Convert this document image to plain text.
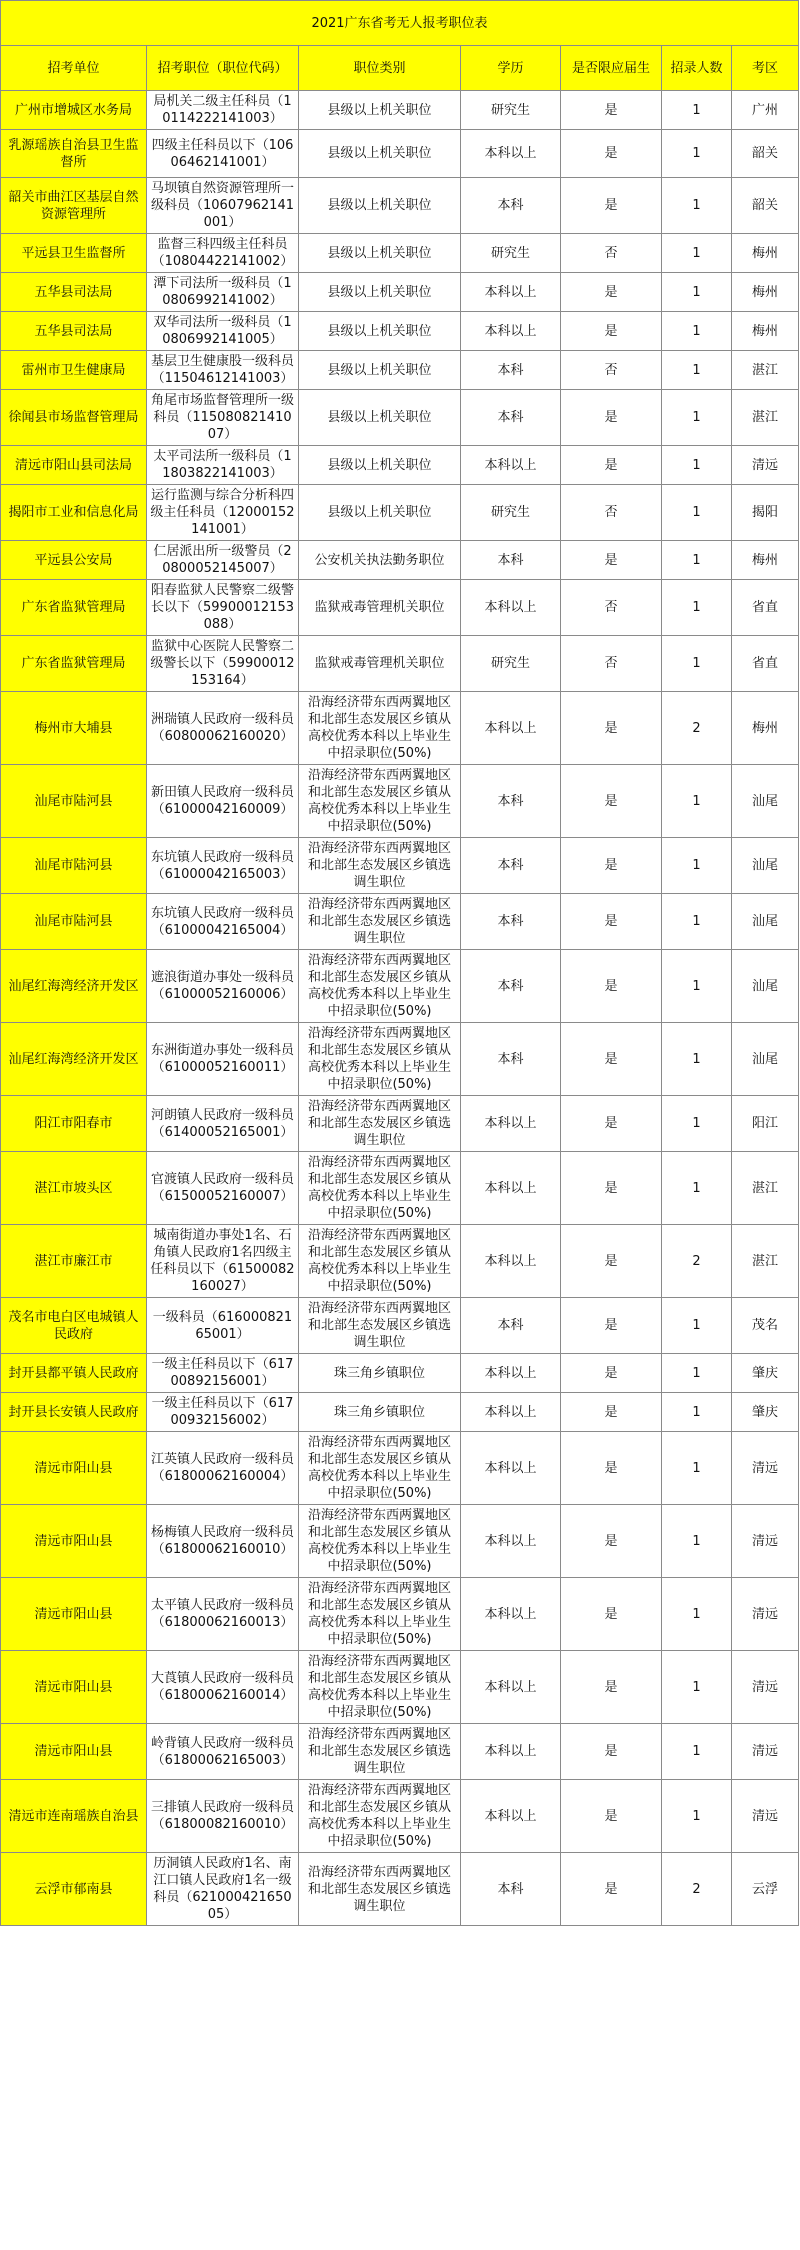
2021广东省考无人报考职位表						
招考单位	招考职位（职位代码）	职位类别	学历	是否限应届生	招录人数	考区
广州市增城区水务局	局机关二级主任科员（10114222141003）	县级以上机关职位	研究生	是	1	广州
乳源瑶族自治县卫生监督所	四级主任科员以下（10606462141001）	县级以上机关职位	本科以上	是	1	韶关
韶关市曲江区基层自然资源管理所	马坝镇自然资源管理所一级科员（10607962141001）	县级以上机关职位	本科	是	1	韶关
平远县卫生监督所	监督三科四级主任科员（10804422141002）	县级以上机关职位	研究生	否	1	梅州
五华县司法局	潭下司法所一级科员（10806992141002）	县级以上机关职位	本科以上	是	1	梅州
五华县司法局	双华司法所一级科员（10806992141005）	县级以上机关职位	本科以上	是	1	梅州
雷州市卫生健康局	基层卫生健康股一级科员（11504612141003）	县级以上机关职位	本科	否	1	湛江
徐闻县市场监督管理局	角尾市场监督管理所一级科员（11508082141007）	县级以上机关职位	本科	是	1	湛江
清远市阳山县司法局	太平司法所一级科员（11803822141003）	县级以上机关职位	本科以上	是	1	清远
揭阳市工业和信息化局	运行监测与综合分析科四级主任科员（12000152141001）	县级以上机关职位	研究生	否	1	揭阳
平远县公安局	仁居派出所一级警员（20800052145007）	公安机关执法勤务职位	本科	是	1	梅州
广东省监狱管理局	阳春监狱人民警察二级警长以下（59900012153088）	监狱戒毒管理机关职位	本科以上	否	1	省直
广东省监狱管理局	监狱中心医院人民警察二级警长以下（59900012153164）	监狱戒毒管理机关职位	研究生	否	1	省直
梅州市大埔县	洲瑞镇人民政府一级科员（60800062160020）	沿海经济带东西两翼地区和北部生态发展区乡镇从高校优秀本科以上毕业生中招录职位(50%)	本科以上	是	2	梅州
汕尾市陆河县	新田镇人民政府一级科员（61000042160009）	沿海经济带东西两翼地区和北部生态发展区乡镇从高校优秀本科以上毕业生中招录职位(50%)	本科	是	1	汕尾
汕尾市陆河县	东坑镇人民政府一级科员（61000042165003）	沿海经济带东西两翼地区和北部生态发展区乡镇选调生职位	本科	是	1	汕尾
汕尾市陆河县	东坑镇人民政府一级科员（61000042165004）	沿海经济带东西两翼地区和北部生态发展区乡镇选调生职位	本科	是	1	汕尾
汕尾红海湾经济开发区	遮浪街道办事处一级科员（61000052160006）	沿海经济带东西两翼地区和北部生态发展区乡镇从高校优秀本科以上毕业生中招录职位(50%)	本科	是	1	汕尾
汕尾红海湾经济开发区	东洲街道办事处一级科员（61000052160011）	沿海经济带东西两翼地区和北部生态发展区乡镇从高校优秀本科以上毕业生中招录职位(50%)	本科	是	1	汕尾
阳江市阳春市	河朗镇人民政府一级科员（61400052165001）	沿海经济带东西两翼地区和北部生态发展区乡镇选调生职位	本科以上	是	1	阳江
湛江市坡头区	官渡镇人民政府一级科员（61500052160007）	沿海经济带东西两翼地区和北部生态发展区乡镇从高校优秀本科以上毕业生中招录职位(50%)	本科以上	是	1	湛江
湛江市廉江市	城南街道办事处1名、石角镇人民政府1名四级主任科员以下（61500082160027）	沿海经济带东西两翼地区和北部生态发展区乡镇从高校优秀本科以上毕业生中招录职位(50%)	本科以上	是	2	湛江
茂名市电白区电城镇人民政府	一级科员（61600082165001）	沿海经济带东西两翼地区和北部生态发展区乡镇选调生职位	本科	是	1	茂名
封开县都平镇人民政府	一级主任科员以下（61700892156001）	珠三角乡镇职位	本科以上	是	1	肇庆
封开县长安镇人民政府	一级主任科员以下（61700932156002）	珠三角乡镇职位	本科以上	是	1	肇庆
清远市阳山县	江英镇人民政府一级科员（61800062160004）	沿海经济带东西两翼地区和北部生态发展区乡镇从高校优秀本科以上毕业生中招录职位(50%)	本科以上	是	1	清远
清远市阳山县	杨梅镇人民政府一级科员（61800062160010）	沿海经济带东西两翼地区和北部生态发展区乡镇从高校优秀本科以上毕业生中招录职位(50%)	本科以上	是	1	清远
清远市阳山县	太平镇人民政府一级科员（61800062160013）	沿海经济带东西两翼地区和北部生态发展区乡镇从高校优秀本科以上毕业生中招录职位(50%)	本科以上	是	1	清远
清远市阳山县	大莨镇人民政府一级科员（61800062160014）	沿海经济带东西两翼地区和北部生态发展区乡镇从高校优秀本科以上毕业生中招录职位(50%)	本科以上	是	1	清远
清远市阳山县	岭背镇人民政府一级科员（61800062165003）	沿海经济带东西两翼地区和北部生态发展区乡镇选调生职位	本科以上	是	1	清远
清远市连南瑶族自治县	三排镇人民政府一级科员（61800082160010）	沿海经济带东西两翼地区和北部生态发展区乡镇从高校优秀本科以上毕业生中招录职位(50%)	本科以上	是	1	清远
云浮市郁南县	历洞镇人民政府1名、南江口镇人民政府1名一级科员（62100042165005）	沿海经济带东西两翼地区和北部生态发展区乡镇选调生职位	本科	是	2	云浮
